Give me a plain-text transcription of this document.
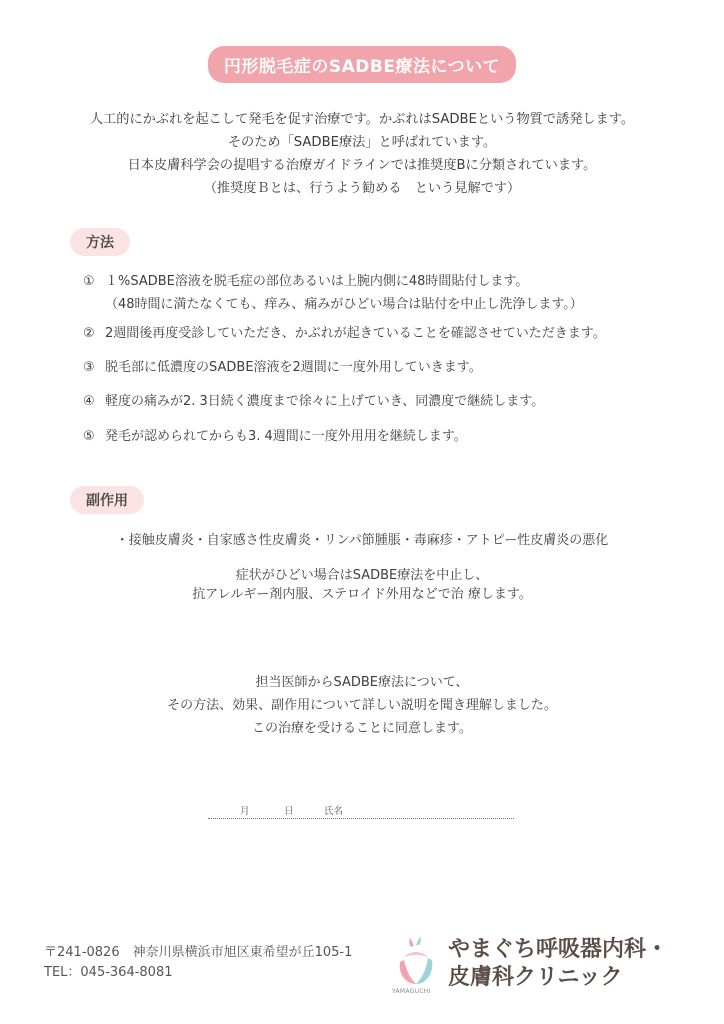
円形脱毛症のSADBE療法について
人工的にかぶれを起こして発毛を促す治療です。かぶれはSADBEという物質で誘発します。
そのため「SADBE療法」と呼ばれています。
日本皮膚科学会の提唱する治療ガイドラインでは推奨度Bに分類されています。
（推奨度Ｂとは、行うよう勧める　という見解です）
方法
① １%SADBE溶液を脱毛症の部位あるいは上腕内側に48時間貼付します。
（48時間に満たなくても、痒み、痛みがひどい場合は貼付を中止し洗浄します。）
② 2週間後再度受診していただき、かぶれが起きていることを確認させていただきます。
③ 脱毛部に低濃度のSADBE溶液を2週間に一度外用していきます。
④ 軽度の痛みが2. 3日続く濃度まで徐々に上げていき、同濃度で継続します。
⑤ 発毛が認められてからも3. 4週間に一度外用用を継続します。
副作用
・接触皮膚炎・自家感さ性皮膚炎・リンパ節腫脹・毒麻疹・アトピー性皮膚炎の悪化
症状がひどい場合はSADBE療法を中止し、
抗アレルギー剤内服、ステロイド外用などで治 療します。
担当医師からSADBE療法について、
その方法、効果、副作用について詳しい説明を聞き理解しました。
この治療を受けることに同意します。
月	日	氏名
〒241-0826　神奈川県横浜市旭区東希望が丘105-1
TEL：045-364-8081
YAMAGUCHI
やまぐち呼吸器内科・
皮膚科クリニック
